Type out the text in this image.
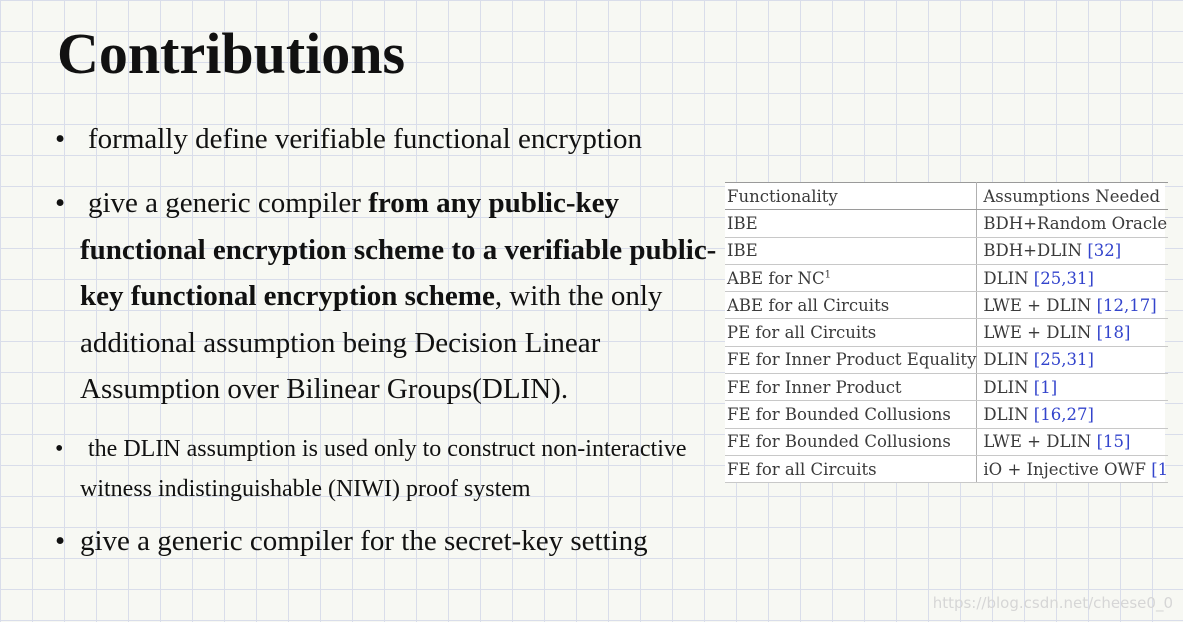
Contributions
• formally define verifiable functional encryption
• give a generic compiler from any public-key functional encryption scheme to a verifiable public-key functional encryption scheme, with the only additional assumption being Decision Linear Assumption over Bilinear Groups(DLIN).
• the DLIN assumption is used only to construct non-interactive witness indistinguishable (NIWI) proof system
• give a generic compiler for the secret-key setting
Functionality	Assumptions Needed
IBE	BDH+Random Oracle
IBE	BDH+DLIN [32]
ABE for $NC^1$	DLIN [25,31]
ABE for all Circuits	LWE + DLIN [12,17]
PE for all Circuits	LWE + DLIN [18]
FE for Inner Product Equality	DLIN [25,31]
FE for Inner Product	DLIN [1]
FE for Bounded Collusions	DLIN [16,27]
FE for Bounded Collusions	LWE + DLIN [15]
FE for all Circuits	iO + Injective OWF [1
https://blog.csdn.net/cheese0_0
